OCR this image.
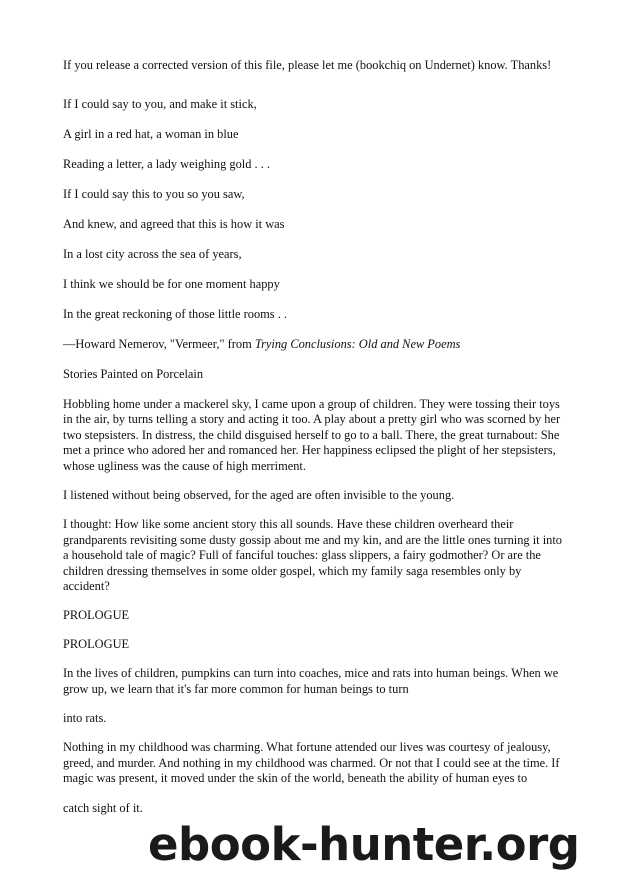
If you release a corrected version of this file, please let me (bookchiq on Undernet) know. Thanks!

If I could say to you, and make it stick,

A girl in a red hat, a woman in blue

Reading a letter, a lady weighing gold . . .

If I could say this to you so you saw,

And knew, and agreed that this is how it was

In a lost city across the sea of years,

I think we should be for one moment happy

In the great reckoning of those little rooms . .

—Howard Nemerov, "Vermeer," from Trying Conclusions: Old and New Poems

Stories Painted on Porcelain

Hobbling home under a mackerel sky, I came upon a group of children. They were tossing their toys in the air, by turns telling a story and acting it too. A play about a pretty girl who was scorned by her two stepsisters. In distress, the child disguised herself to go to a ball. There, the great turnabout: She met a prince who adored her and romanced her. Her happiness eclipsed the plight of her stepsisters, whose ugliness was the cause of high merriment.

I listened without being observed, for the aged are often invisible to the young.

I thought: How like some ancient story this all sounds. Have these children overheard their grandparents revisiting some dusty gossip about me and my kin, and are the little ones turning it into a household tale of magic? Full of fanciful touches: glass slippers, a fairy godmother? Or are the children dressing themselves in some older gospel, which my family saga resembles only by accident?

PROLOGUE

PROLOGUE

In the lives of children, pumpkins can turn into coaches, mice and rats into human beings. When we grow up, we learn that it's far more common for human beings to turn

into rats.

Nothing in my childhood was charming. What fortune attended our lives was courtesy of jealousy, greed, and murder. And nothing in my childhood was charmed. Or not that I could see at the time. If magic was present, it moved under the skin of the world, beneath the ability of human eyes to

catch sight of it.

ebook-hunter.org
